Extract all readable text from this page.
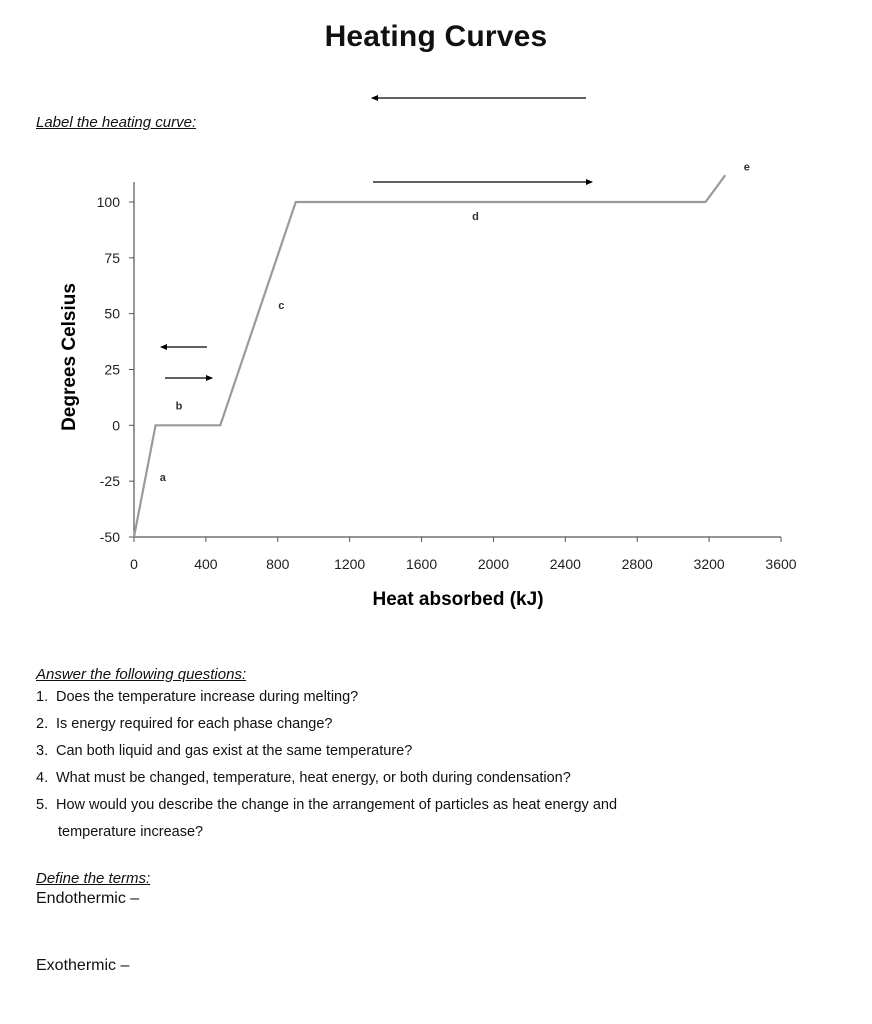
Heating Curves
Label the heating curve:
100
75
50
25
0
-25
-50
0	400	800	1200	1600	2000	2400	2800	3200	3600
a
b
c
d
e
Degrees Celsius
Heat absorbed (kJ)
Answer the following questions:
1. Does the temperature increase during melting?
2. Is energy required for each phase change?
3. Can both liquid and gas exist at the same temperature?
4. What must be changed, temperature, heat energy, or both during condensation?
5. How would you describe the change in the arrangement of particles as heat energy and
temperature increase?
Define the terms:
Endothermic –
Exothermic –
